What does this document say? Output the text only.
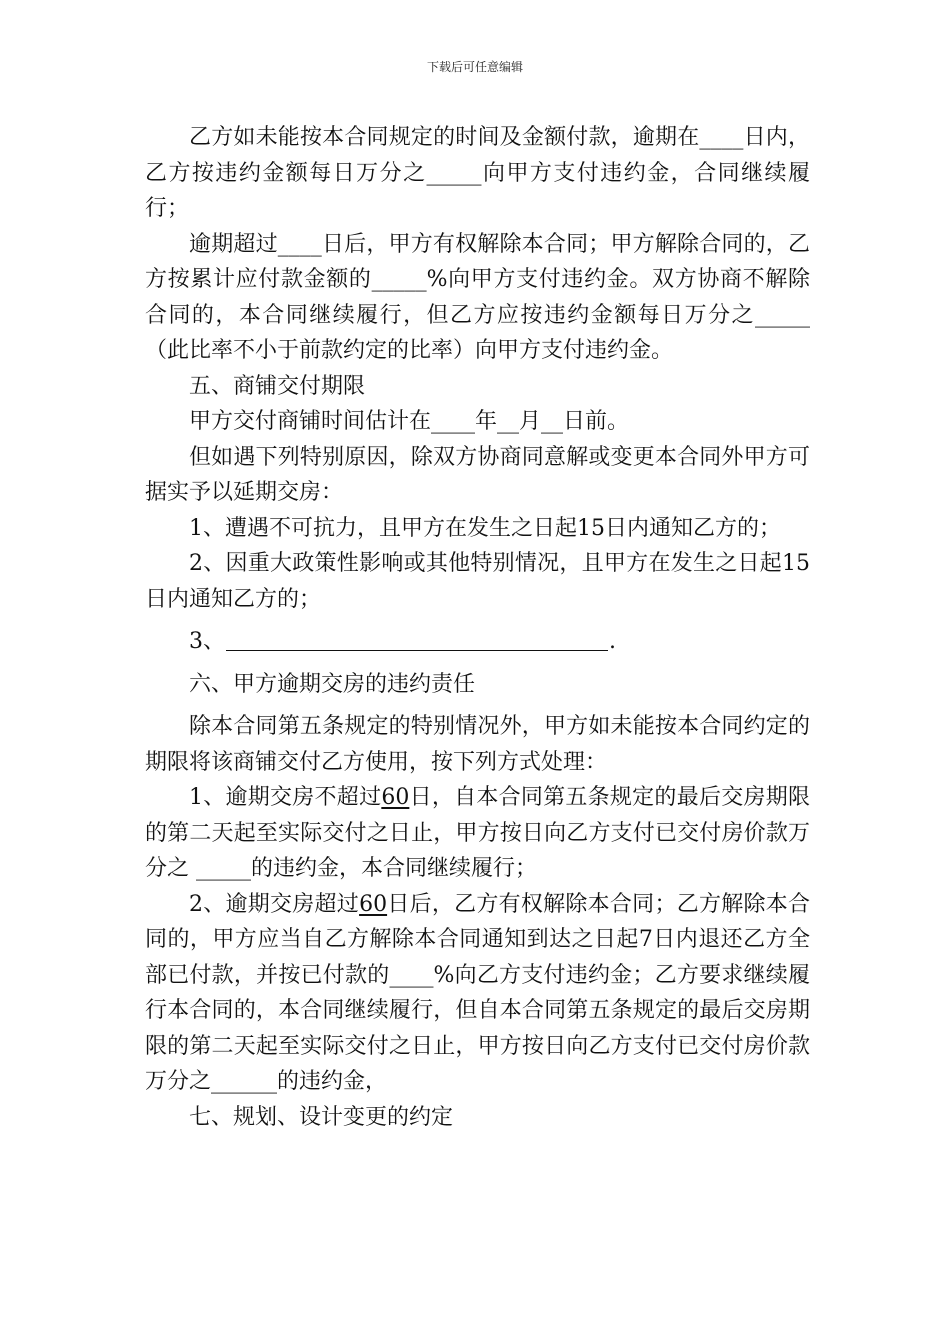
下载后可任意编辑

乙方如未能按本合同规定的时间及金额付款，逾期在____日内，乙方按违约金额每日万分之_____向甲方支付违约金，合同继续履行；

逾期超过____日后，甲方有权解除本合同；甲方解除合同的，乙方按累计应付款金额的_____%向甲方支付违约金。双方协商不解除合同的，本合同继续履行，但乙方应按违约金额每日万分之_____（此比率不小于前款约定的比率）向甲方支付违约金。

五、商铺交付期限

甲方交付商铺时间估计在____年__月__日前。

但如遇下列特别原因，除双方协商同意解或变更本合同外甲方可据实予以延期交房：

1、遭遇不可抗力，且甲方在发生之日起15日内通知乙方的；

2、因重大政策性影响或其他特别情况，且甲方在发生之日起15日内通知乙方的；

3、	.

六、甲方逾期交房的违约责任

除本合同第五条规定的特别情况外，甲方如未能按本合同约定的期限将该商铺交付乙方使用，按下列方式处理：

1、逾期交房不超过60日，自本合同第五条规定的最后交房期限的第二天起至实际交付之日止，甲方按日向乙方支付已交付房价款万分之 _____的违约金，本合同继续履行；

2、逾期交房超过60日后，乙方有权解除本合同；乙方解除本合同的，甲方应当自乙方解除本合同通知到达之日起7日内退还乙方全部已付款，并按已付款的____%向乙方支付违约金；乙方要求继续履行本合同的，本合同继续履行，但自本合同第五条规定的最后交房期限的第二天起至实际交付之日止，甲方按日向乙方支付已交付房价款万分之______的违约金，

七、规划、设计变更的约定
